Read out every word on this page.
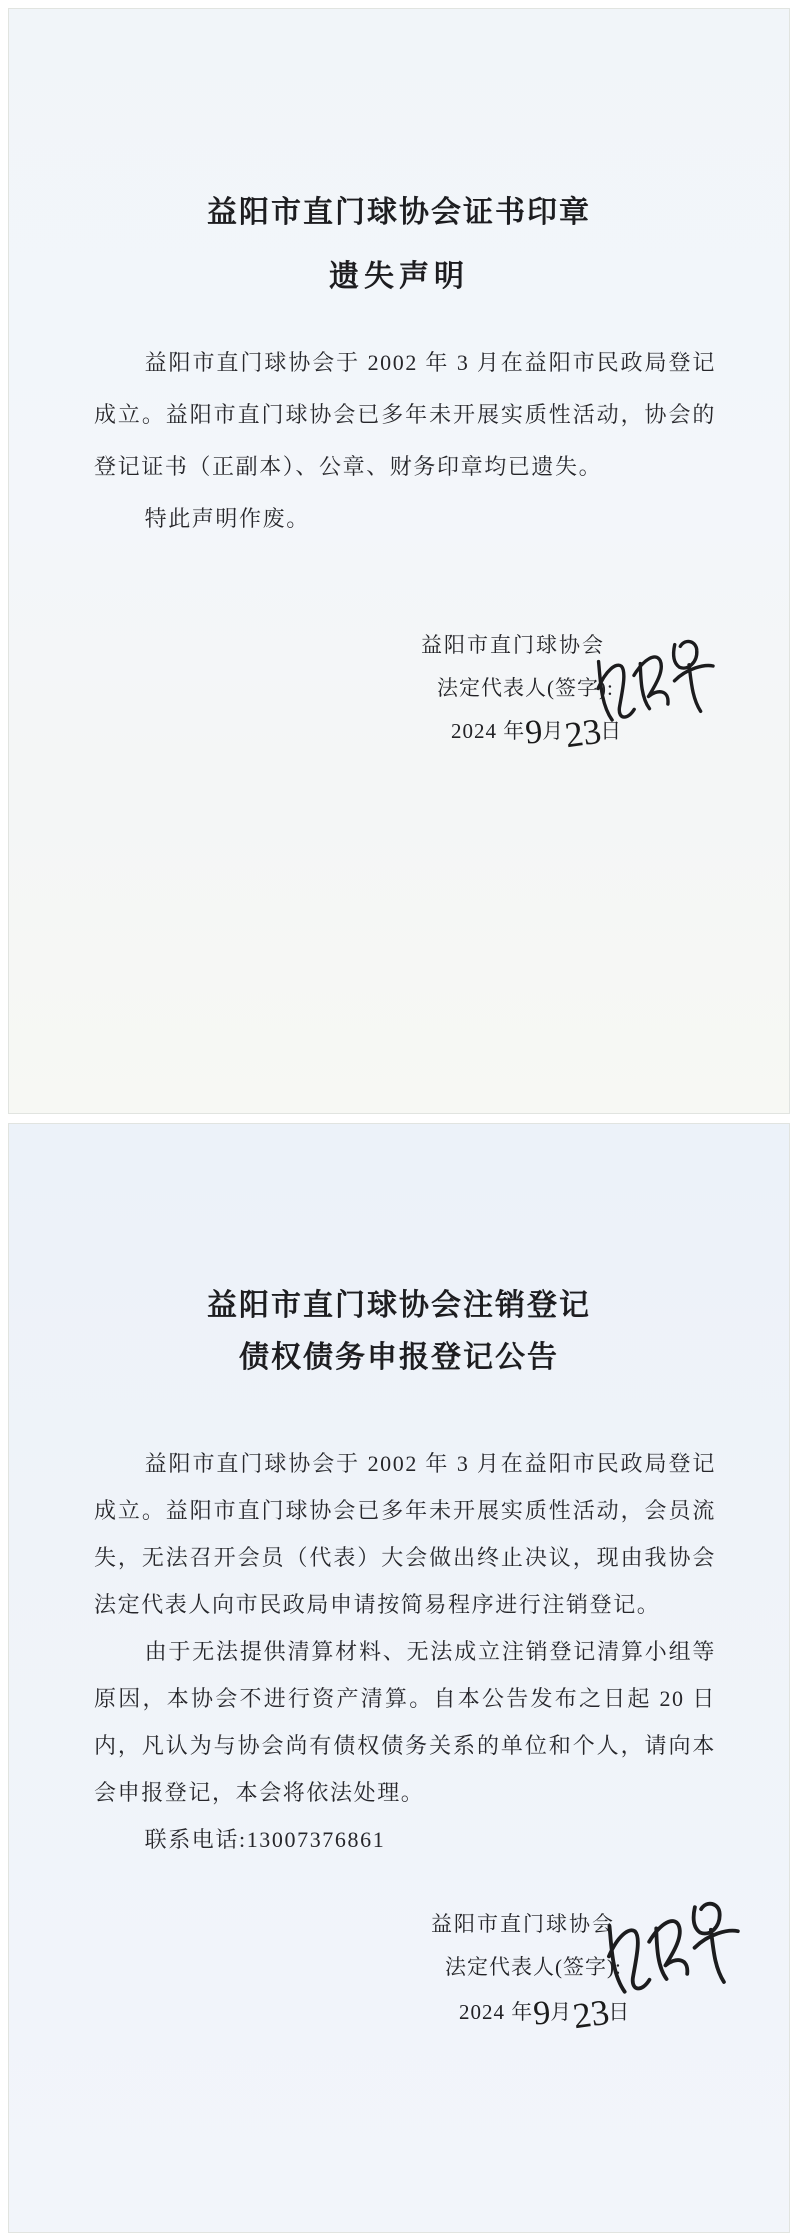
益阳市直门球协会证书印章
遗失声明

益阳市直门球协会于 2002 年 3 月在益阳市民政局登记成立。益阳市直门球协会已多年未开展实质性活动，协会的登记证书（正副本）、公章、财务印章均已遗失。

特此声明作废。

益阳市直门球协会
法定代表人(签字):
2024 年9月23日
益阳市直门球协会注销登记
债权债务申报登记公告

益阳市直门球协会于 2002 年 3 月在益阳市民政局登记成立。益阳市直门球协会已多年未开展实质性活动，会员流失，无法召开会员（代表）大会做出终止决议，现由我协会法定代表人向市民政局申请按简易程序进行注销登记。

由于无法提供清算材料、无法成立注销登记清算小组等原因，本协会不进行资产清算。自本公告发布之日起 20 日内，凡认为与协会尚有债权债务关系的单位和个人，请向本会申报登记，本会将依法处理。

联系电话:13007376861

益阳市直门球协会
法定代表人(签字):
2024 年9月23日
